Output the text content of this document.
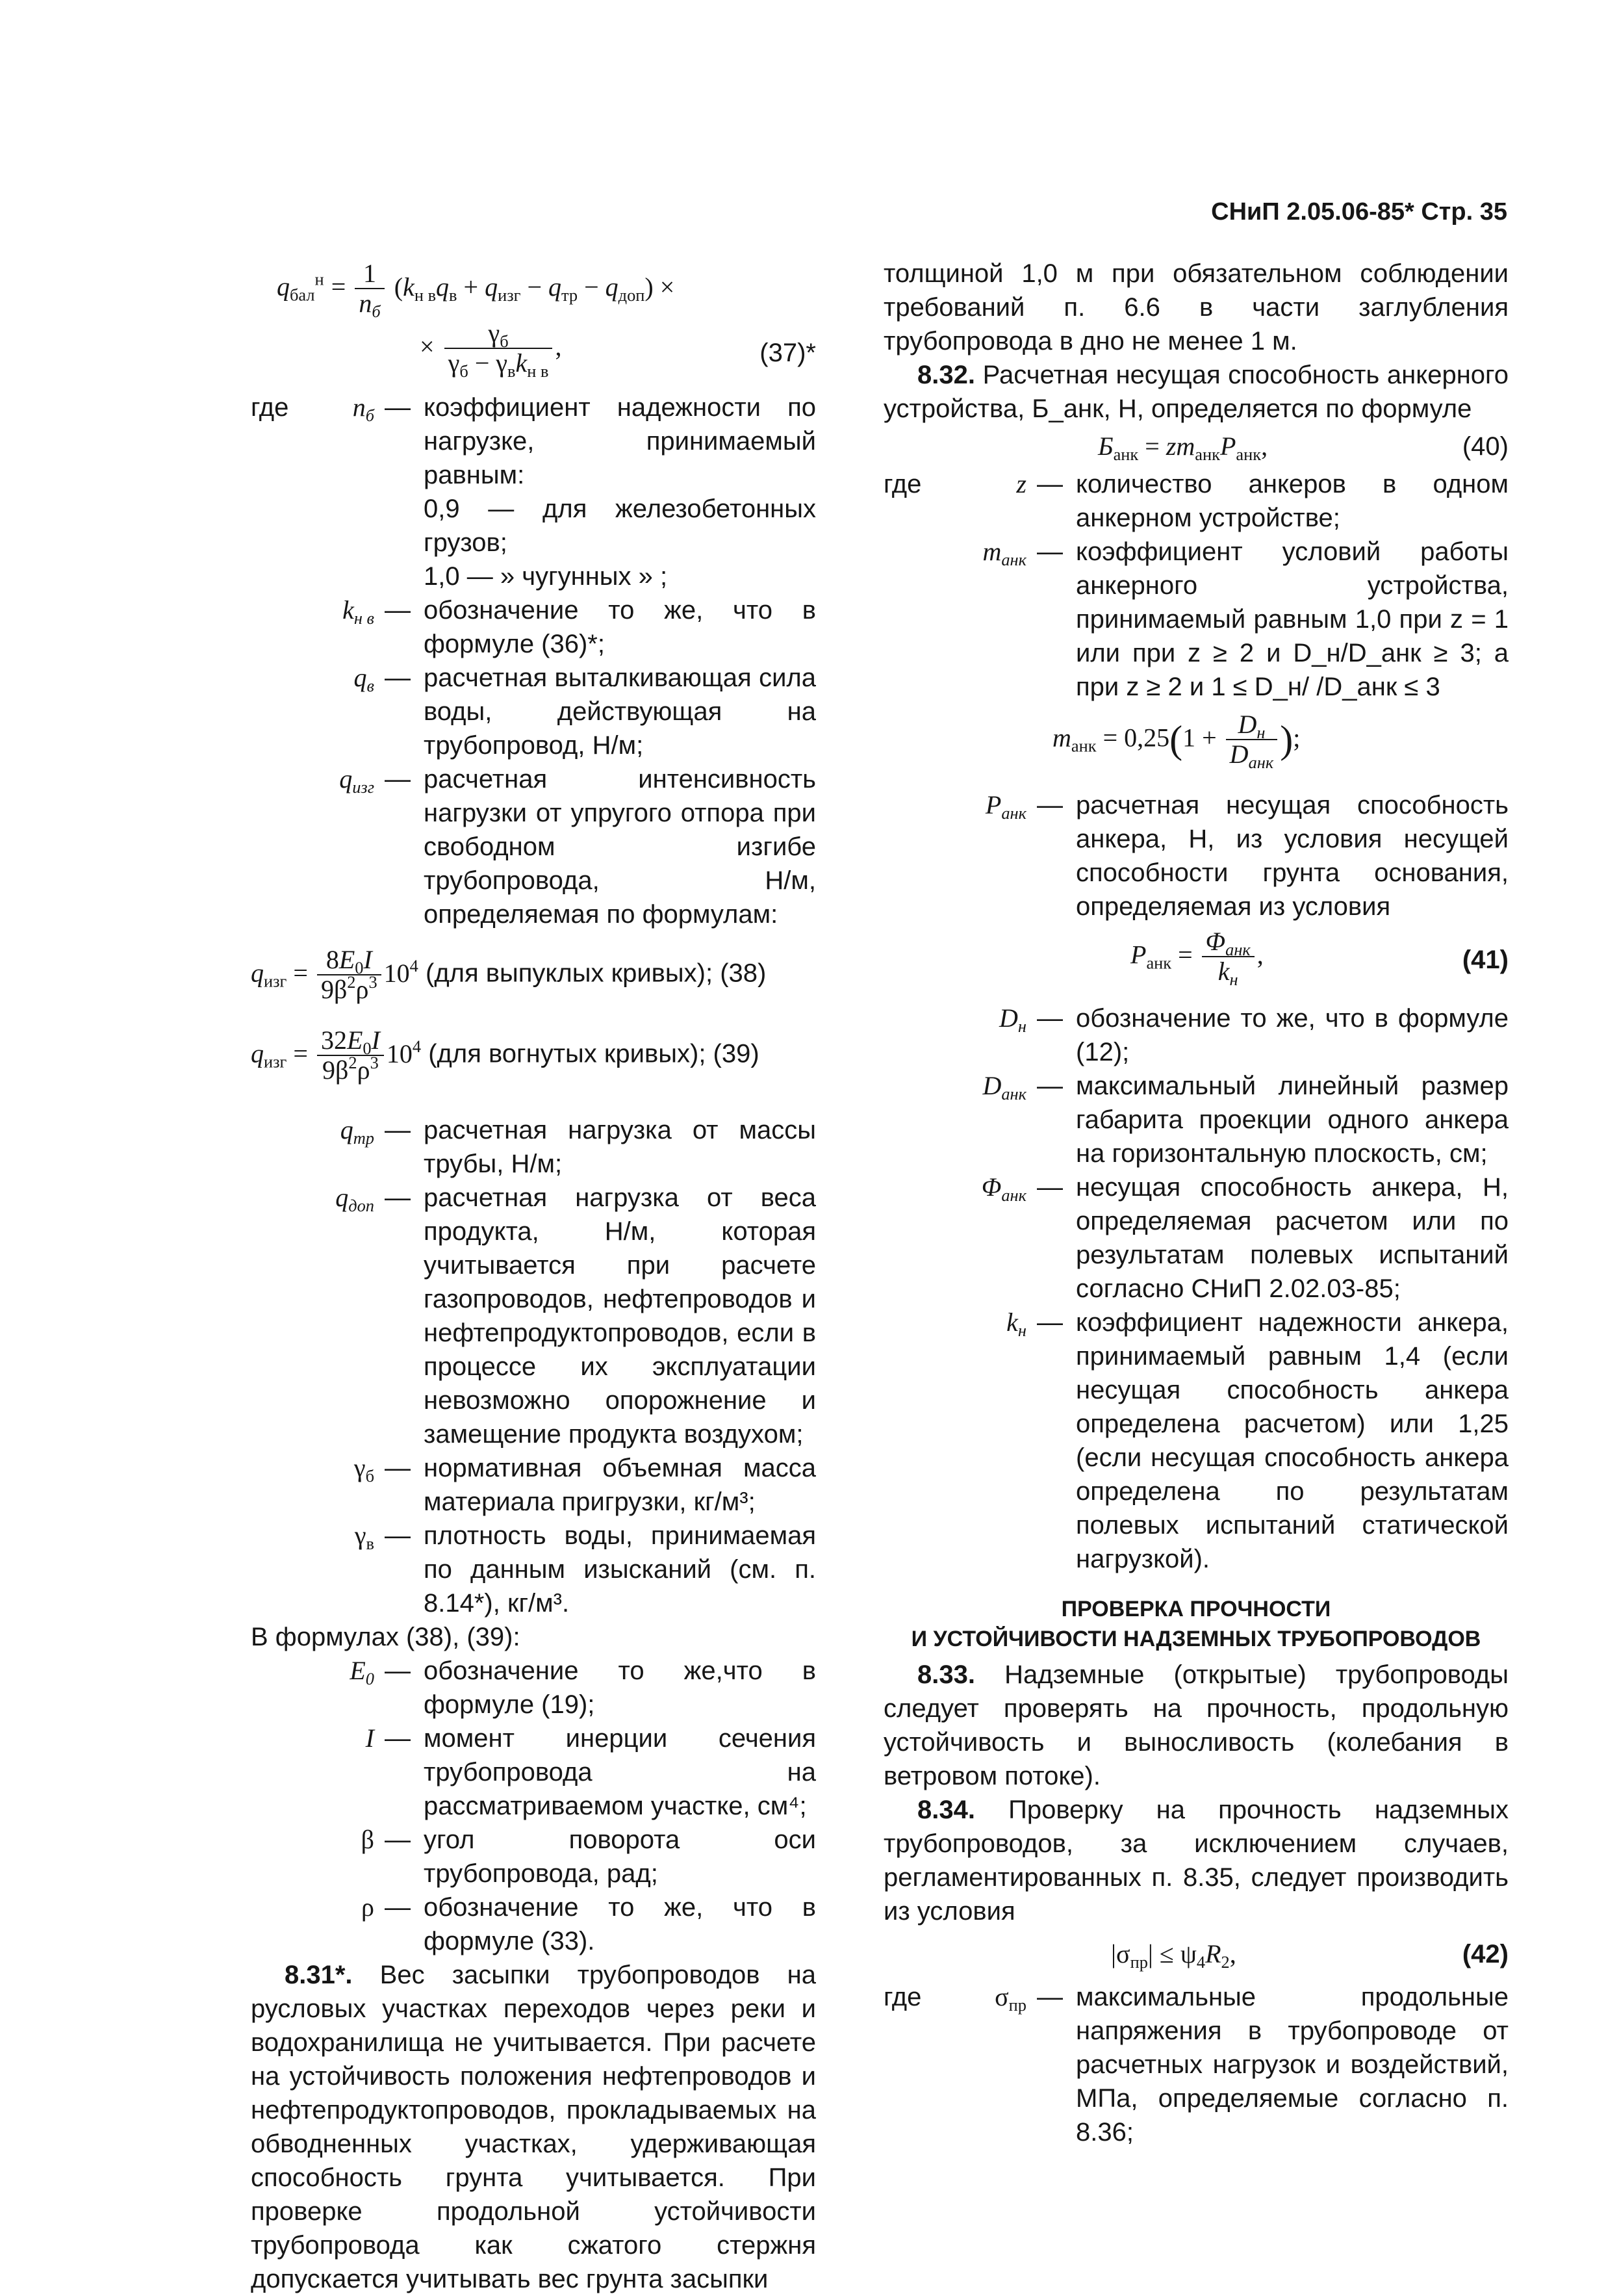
СНиП 2.05.06-85* Стр. 35
$q_{бал}^н = \frac{1}{n_б} (k_{н в}q_в + q_{изг} - q_{тр} - q_{доп})$ ×
× $\frac{\gamma_б}{\gamma_б - \gamma_вk_{н в}}$ ,	(37)*
где	$n_б$ — коэффициент надежности по нагрузке, принимаемый равным:
0,9 — для железобетонных грузов;
1,0 — » чугунных » ;
$k_{н в}$ — обозначение то же, что в формуле (36)*;
$q_в$ — расчетная выталкивающая сила воды, действующая на трубопровод, Н/м;
$q_{изг}$ — расчетная интенсивность нагрузки от упругого отпора при свободном изгибе трубопровода, Н/м, определяемая по формулам:
$q_{изг} = \frac{8E_0I}{9\beta^2\rho^3} 10^4$ (для выпуклых кривых); (38)
$q_{изг} = \frac{32E_0I}{9\beta^2\rho^3} 10^4$ (для вогнутых кривых); (39)
$q_{тр}$ — расчетная нагрузка от массы трубы, Н/м;
$q_{доп}$ — расчетная нагрузка от веса продукта, Н/м, которая учитывается при расчете газопроводов, нефтепроводов и нефтепродуктопроводов, если в процессе их эксплуатации невозможно опорожнение и замещение продукта воздухом;
$\gamma_б$ — нормативная объемная масса материала пригрузки, кг/м³;
$\gamma_в$ — плотность воды, принимаемая по данным изысканий (см. п. 8.14*), кг/м³.
В формулах (38), (39):
$E_0$ — обозначение то же,что в формуле (19);
I — момент инерции сечения трубопровода на рассматриваемом участке, см⁴;
β — угол поворота оси трубопровода, рад;
ρ — обозначение то же, что в формуле (33).

8.31*. Вес засыпки трубопроводов на русловых участках переходов через реки и водохранилища не учитывается. При расчете на устойчивость положения нефтепроводов и нефтепродуктопроводов, прокладываемых на обводненных участках, удерживающая способность грунта учитывается. При проверке продольной устойчивости трубопровода как сжатого стержня допускается учитывать вес грунта засыпки

толщиной 1,0 м при обязательном соблюдении требований п. 6.6 в части заглубления трубопровода в дно не менее 1 м.

8.32. Расчетная несущая способность анкерного устройства, Б_анк, Н, определяется по формуле

$Б_{анк} = zm_{анк}P_{анк}$,	(40)
где	z — количество анкеров в одном анкерном устройстве;
$m_{анк}$ — коэффициент условий работы анкерного устройства, принимаемый равным 1,0 при z = 1 или при z ≥ 2 и D_н/D_анк ≥ 3; а при z ≥ 2 и 1 ≤ D_н/ /D_анк ≤ 3
$m_{анк} = 0,25(1 + \frac{D_н}{D_{анк}}$ );
$P_{анк}$ — расчетная несущая способность анкера, Н, из условия несущей способности грунта основания, определяемая из условия
$P_{анк} = \frac{\Phi_{анк}}{k_н}$ ,	(41)
$D_н$ — обозначение то же, что в формуле (12);
$D_{анк}$ — максимальный линейный размер габарита проекции одного анкера на горизонтальную плоскость, см;
$\Phi_{анк}$ — несущая способность анкера, Н, определяемая расчетом или по результатам полевых испытаний согласно СНиП 2.02.03-85;
$k_н$ — коэффициент надежности анкера, принимаемый равным 1,4 (если несущая способность анкера определена расчетом) или 1,25 (если несущая способность анкера определена по результатам полевых испытаний статической нагрузкой).
ПРОВЕРКА ПРОЧНОСТИ
И УСТОЙЧИВОСТИ НАДЗЕМНЫХ ТРУБОПРОВОДОВ

8.33. Надземные (открытые) трубопроводы следует проверять на прочность, продольную устойчивость и выносливость (колебания в ветровом потоке).

8.34. Проверку на прочность надземных трубопроводов, за исключением случаев, регламентированных п. 8.35, следует производить из условия

$|\sigma_{пр}| \le \psi_4R_2$,	(42)
где	$\sigma_{пр}$ — максимальные продольные напряжения в трубопроводе от расчетных нагрузок и воздействий, МПа, определяемые согласно п. 8.36;
